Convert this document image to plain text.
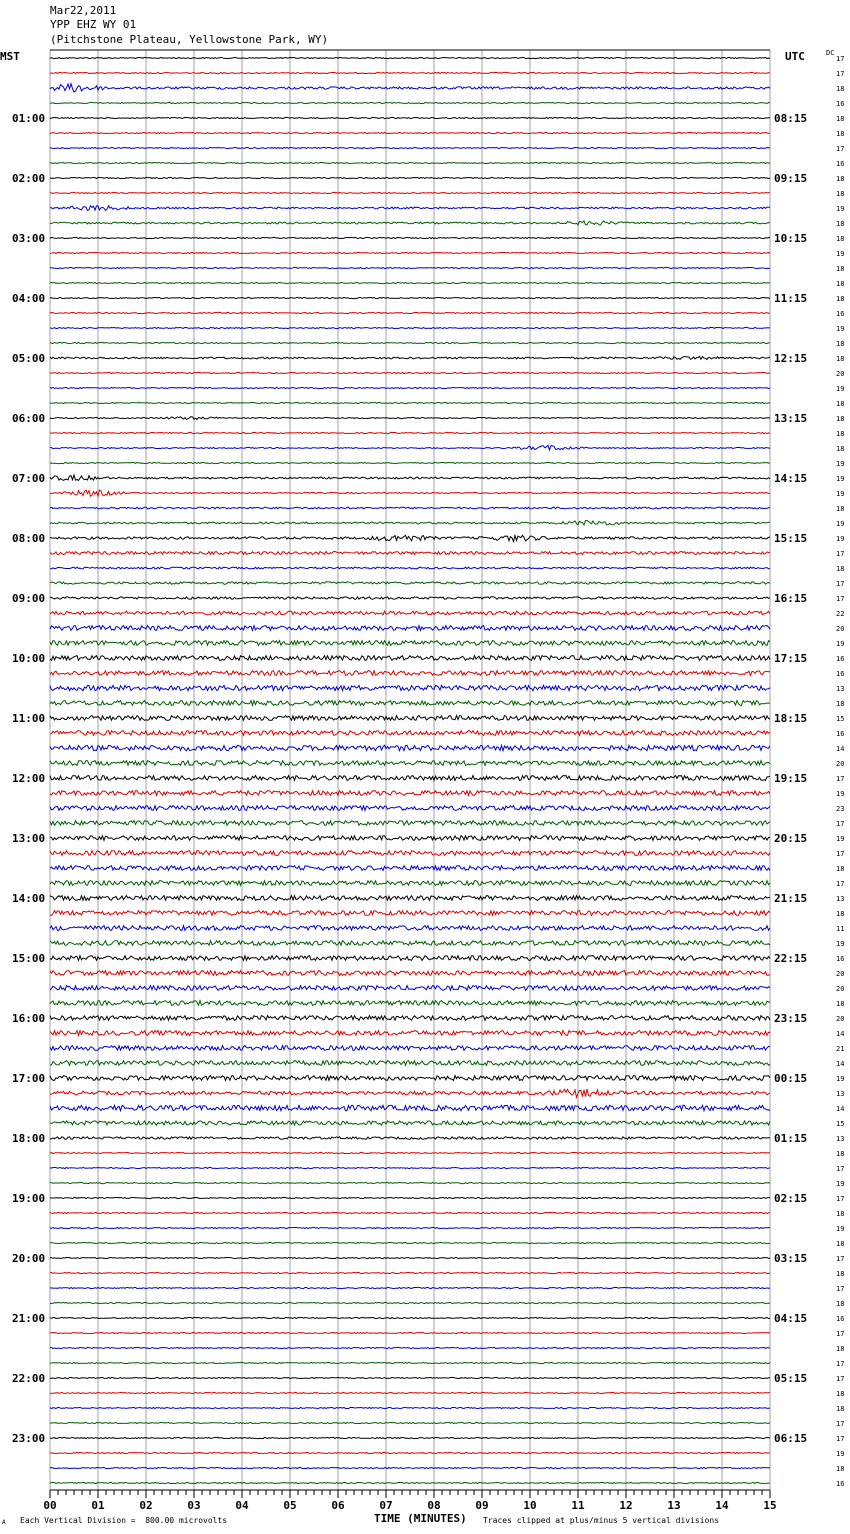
Mar22,2011
YPP EHZ WY 01
(Pitchstone Plateau, Yellowstone Park, WY)
MST	UTC	DC
01:00
02:00
03:00
04:00
05:00
06:00
07:00
08:00
09:00
10:00
11:00
12:00
13:00
14:00
15:00
16:00
17:00
18:00
19:00
20:00
21:00
22:00
23:00
08:15
09:15
10:15
11:15
12:15
13:15
14:15
15:15
16:15
17:15
18:15
19:15
20:15
21:15
22:15
23:15
00:15
01:15
02:15
03:15
04:15
05:15
06:15
17
17
18
16
18
18
17
16
18
18
19
18
18
19
18
18
18
16
19
18
18
20
19
18
18
18
18
19
19
19
18
19
19
17
18
17
17
22
20
19
16
16
13
18
15
16
14
20
17
19
23
17
19
17
18
17
13
18
11
19
16
20
20
18
20
14
21
14
19
13
14
15
13
18
17
19
17
18
19
18
17
18
17
18
16
17
18
17
17
18
18
17
17
19
18
16
00	01	02	03	04	05	06	07	08	09	10	11	12	13	14	15
TIME (MINUTES)
Each Vertical Division =  800.00 microvolts	Traces clipped at plus/minus 5 vertical divisions
A
